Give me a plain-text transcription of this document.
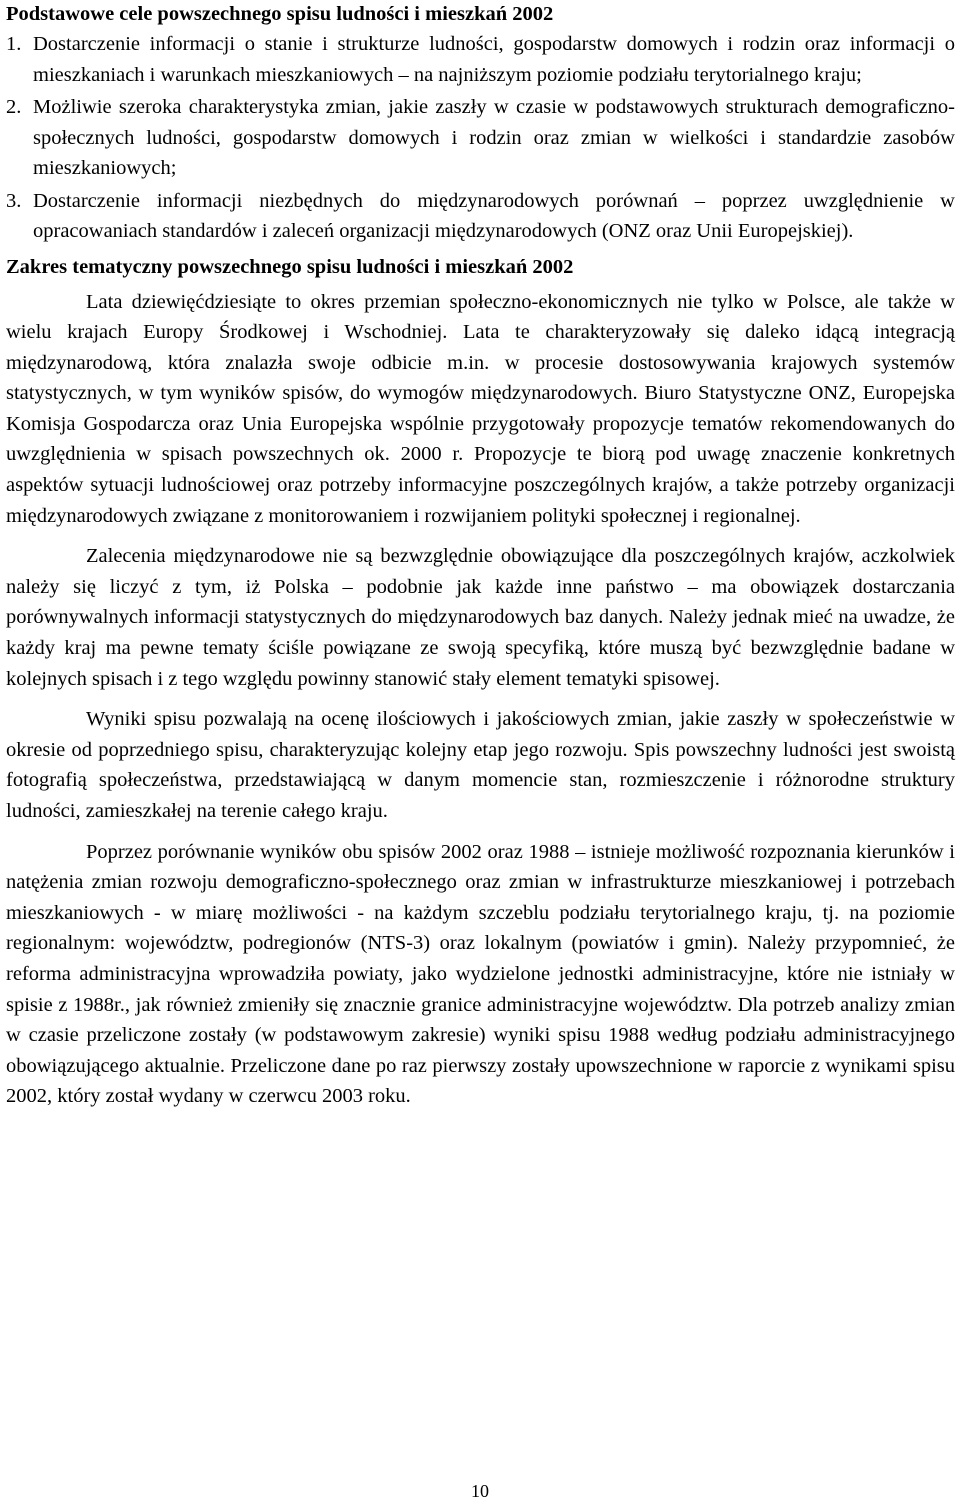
Podstawowe cele powszechnego spisu ludności i mieszkań 2002
1. Dostarczenie informacji o stanie i strukturze ludności, gospodarstw domowych i rodzin oraz informacji o mieszkaniach i warunkach mieszkaniowych – na najniższym poziomie podziału terytorialnego kraju;
2. Możliwie szeroka charakterystyka zmian, jakie zaszły w czasie w podstawowych strukturach demograficzno-społecznych ludności, gospodarstw domowych i rodzin oraz zmian w wielkości i standardzie zasobów mieszkaniowych;
3. Dostarczenie informacji niezbędnych do międzynarodowych porównań – poprzez uwzględnienie w opracowaniach standardów i zaleceń organizacji międzynarodowych (ONZ oraz Unii Europejskiej).
Zakres tematyczny powszechnego spisu ludności i mieszkań 2002

Lata dziewięćdziesiąte to okres przemian społeczno-ekonomicznych nie tylko w Polsce, ale także w wielu krajach Europy Środkowej i Wschodniej. Lata te charakteryzowały się daleko idącą integracją międzynarodową, która znalazła swoje odbicie m.in. w procesie dostosowywania krajowych systemów statystycznych, w tym wyników spisów, do wymogów międzynarodowych. Biuro Statystyczne ONZ, Europejska Komisja Gospodarcza oraz Unia Europejska wspólnie przygotowały propozycje tematów rekomendowanych do uwzględnienia w spisach powszechnych ok. 2000 r. Propozycje te biorą pod uwagę znaczenie konkretnych aspektów sytuacji ludnościowej oraz potrzeby informacyjne poszczególnych krajów, a także potrzeby organizacji międzynarodowych związane z monitorowaniem i rozwijaniem polityki społecznej i regionalnej.

Zalecenia międzynarodowe nie są bezwzględnie obowiązujące dla poszczególnych krajów, aczkolwiek należy się liczyć z tym, iż Polska – podobnie jak każde inne państwo – ma obowiązek dostarczania porównywalnych informacji statystycznych do międzynarodowych baz danych. Należy jednak mieć na uwadze, że każdy kraj ma pewne tematy ściśle powiązane ze swoją specyfiką, które muszą być bezwzględnie badane w kolejnych spisach i z tego względu powinny stanowić stały element tematyki spisowej.

Wyniki spisu pozwalają na ocenę ilościowych i jakościowych zmian, jakie zaszły w społeczeństwie w okresie od poprzedniego spisu, charakteryzując kolejny etap jego rozwoju. Spis powszechny ludności jest swoistą fotografią społeczeństwa, przedstawiającą w danym momencie stan, rozmieszczenie i różnorodne struktury ludności, zamieszkałej na terenie całego kraju.

Poprzez porównanie wyników obu spisów 2002 oraz 1988 – istnieje możliwość rozpoznania kierunków i natężenia zmian rozwoju demograficzno-społecznego oraz zmian w infrastrukturze mieszkaniowej i potrzebach mieszkaniowych - w miarę możliwości - na każdym szczeblu podziału terytorialnego kraju, tj. na poziomie regionalnym: województw, podregionów (NTS-3) oraz lokalnym (powiatów i gmin). Należy przypomnieć, że reforma administracyjna wprowadziła powiaty, jako wydzielone jednostki administracyjne, które nie istniały w spisie z 1988r., jak również zmieniły się znacznie granice administracyjne województw. Dla potrzeb analizy zmian w czasie przeliczone zostały (w podstawowym zakresie) wyniki spisu 1988 według podziału administracyjnego obowiązującego aktualnie. Przeliczone dane po raz pierwszy zostały upowszechnione w raporcie z wynikami spisu 2002, który został wydany w czerwcu 2003 roku.

10
